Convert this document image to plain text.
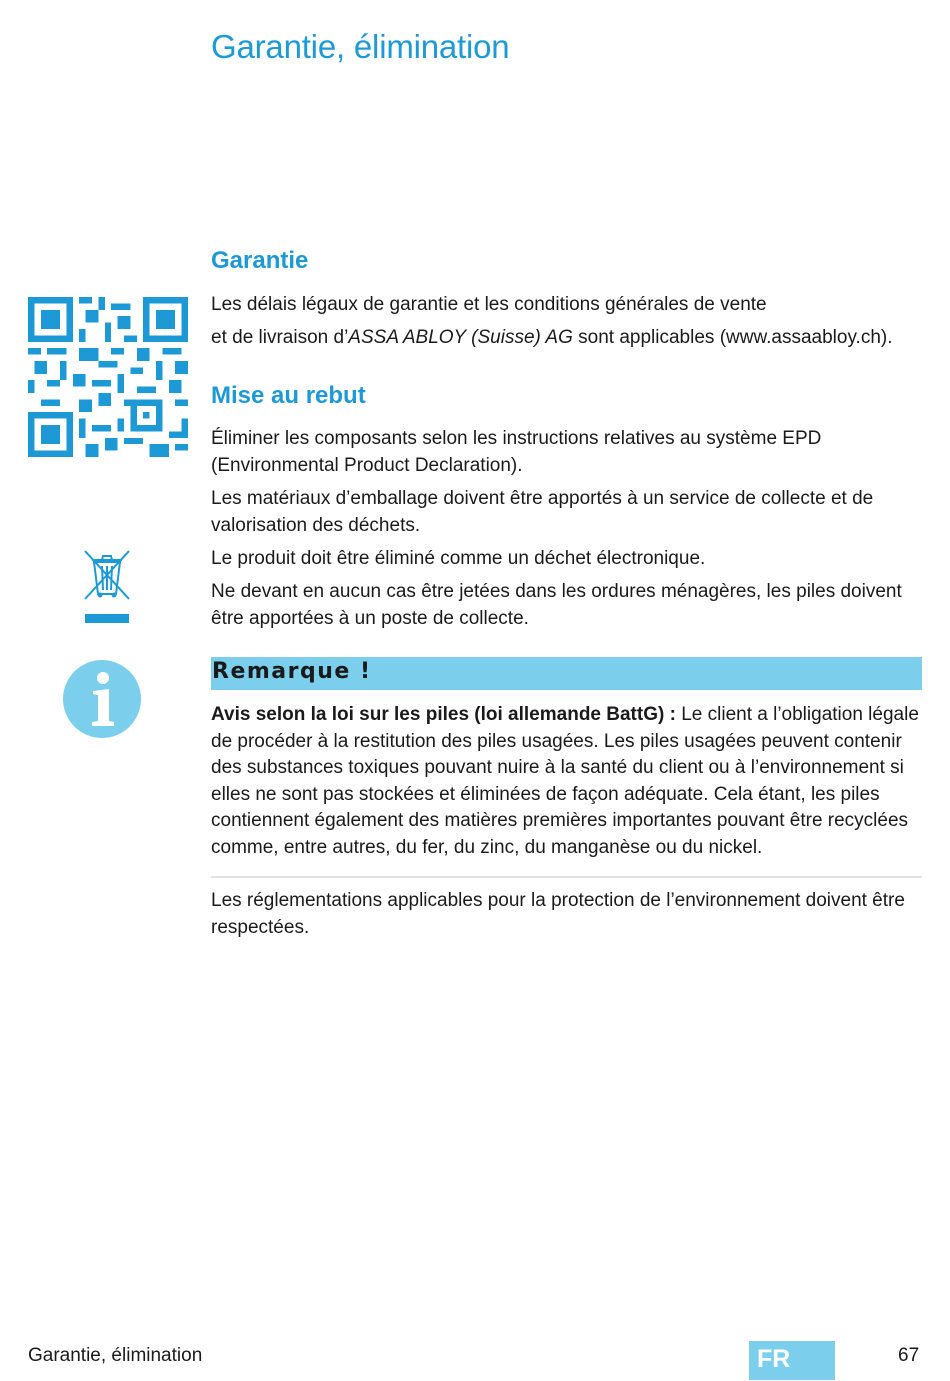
Garantie, élimination
Garantie

Les délais légaux de garantie et les conditions générales de vente

et de livraison d’ASSA ABLOY (Suisse) AG sont applicables (www.assaabloy.ch).

Mise au rebut

Éliminer les composants selon les instructions relatives au système EPD (Environmental Product Declaration).

Les matériaux d’emballage doivent être apportés à un service de collecte et de valorisation des déchets.

Le produit doit être éliminé comme un déchet électronique.

Ne devant en aucun cas être jetées dans les ordures ménagères, les piles doivent être apportées à un poste de collecte.

Remarque !

Avis selon la loi sur les piles (loi allemande BattG) : Le client a l’obligation légale de procéder à la restitution des piles usagées. Les piles usagées peuvent contenir des substances toxiques pouvant nuire à la santé du client ou à l’environnement si elles ne sont pas stockées et éliminées de façon adéquate. Cela étant, les piles contiennent également des matières premières importantes pouvant être recyclées comme, entre autres, du fer, du zinc, du manganèse ou du nickel.

Les réglementations applicables pour la protection de l’environnement doivent être respectées.

Garantie, élimination	FR	67
